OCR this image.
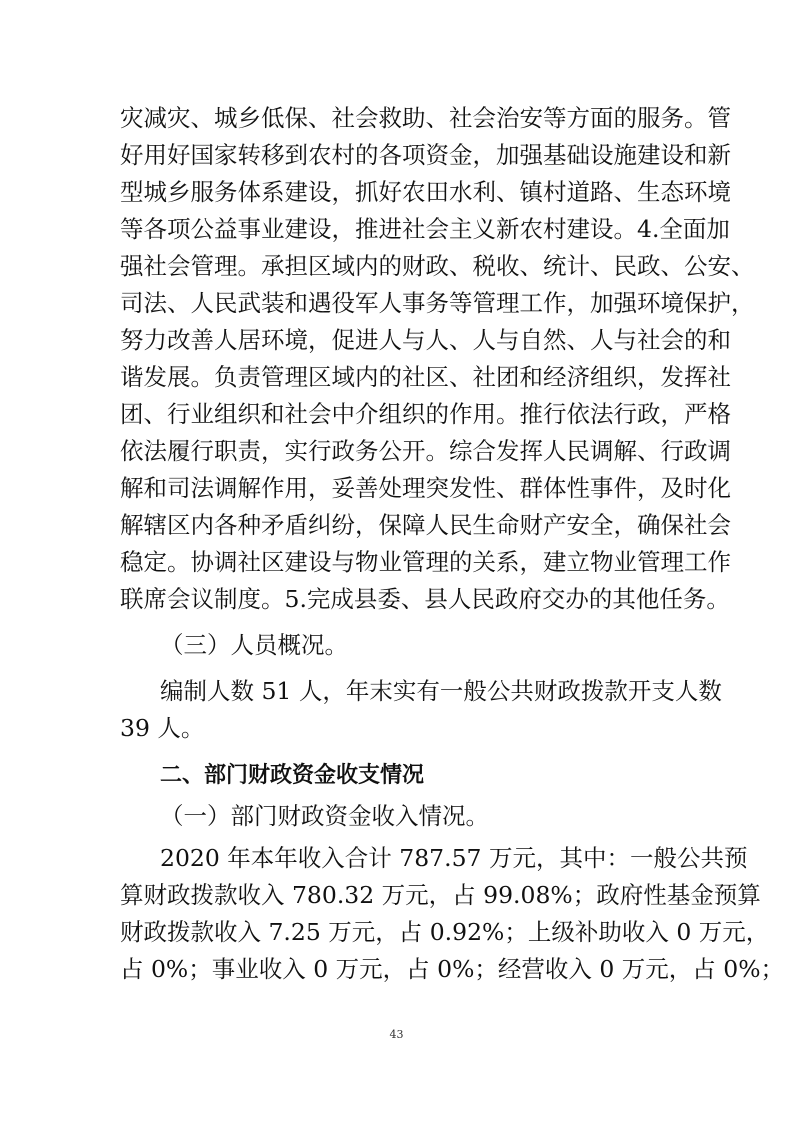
灾减灾、城乡低保、社会救助、社会治安等方面的服务。管
好用好国家转移到农村的各项资金，加强基础设施建设和新
型城乡服务体系建设，抓好农田水利、镇村道路、生态环境
等各项公益事业建设，推进社会主义新农村建设。4.全面加
强社会管理。承担区域内的财政、税收、统计、民政、公安、
司法、人民武装和遇役军人事务等管理工作，加强环境保护，
努力改善人居环境，促进人与人、人与自然、人与社会的和
谐发展。负责管理区域内的社区、社团和经济组织，发挥社
团、行业组织和社会中介组织的作用。推行依法行政，严格
依法履行职责，实行政务公开。综合发挥人民调解、行政调
解和司法调解作用，妥善处理突发性、群体性事件，及时化
解辖区内各种矛盾纠纷，保障人民生命财产安全，确保社会
稳定。协调社区建设与物业管理的关系，建立物业管理工作
联席会议制度。5.完成县委、县人民政府交办的其他任务。
（三）人员概况。
编制人数 51 人，年末实有一般公共财政拨款开支人数
39 人。
二、部门财政资金收支情况
（一）部门财政资金收入情况。
2020 年本年收入合计 787.57 万元，其中：一般公共预
算财政拨款收入 780.32 万元，占 99.08%；政府性基金预算
财政拨款收入 7.25 万元，占 0.92%；上级补助收入 0 万元，
占 0%；事业收入 0 万元，占 0%；经营收入 0 万元，占 0%；
43
